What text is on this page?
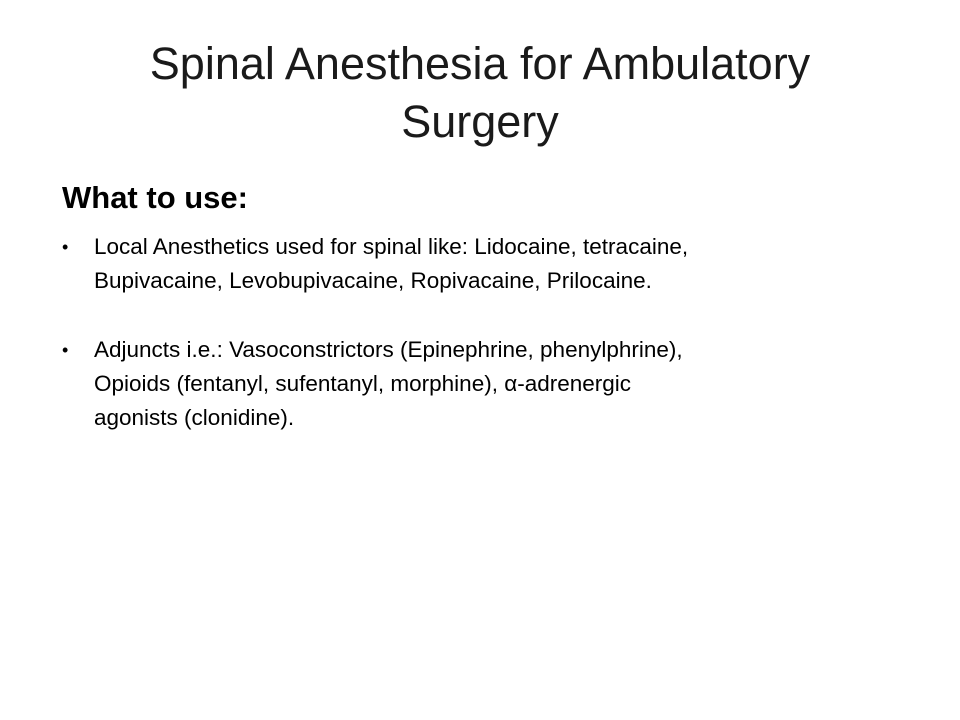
Spinal Anesthesia for Ambulatory
Surgery
What to use:
• Local Anesthetics used for spinal like: Lidocaine, tetracaine,
Bupivacaine, Levobupivacaine, Ropivacaine, Prilocaine.
• Adjuncts i.e.: Vasoconstrictors (Epinephrine, phenylphrine),
Opioids (fentanyl, sufentanyl, morphine), α-adrenergic
agonists (clonidine).
